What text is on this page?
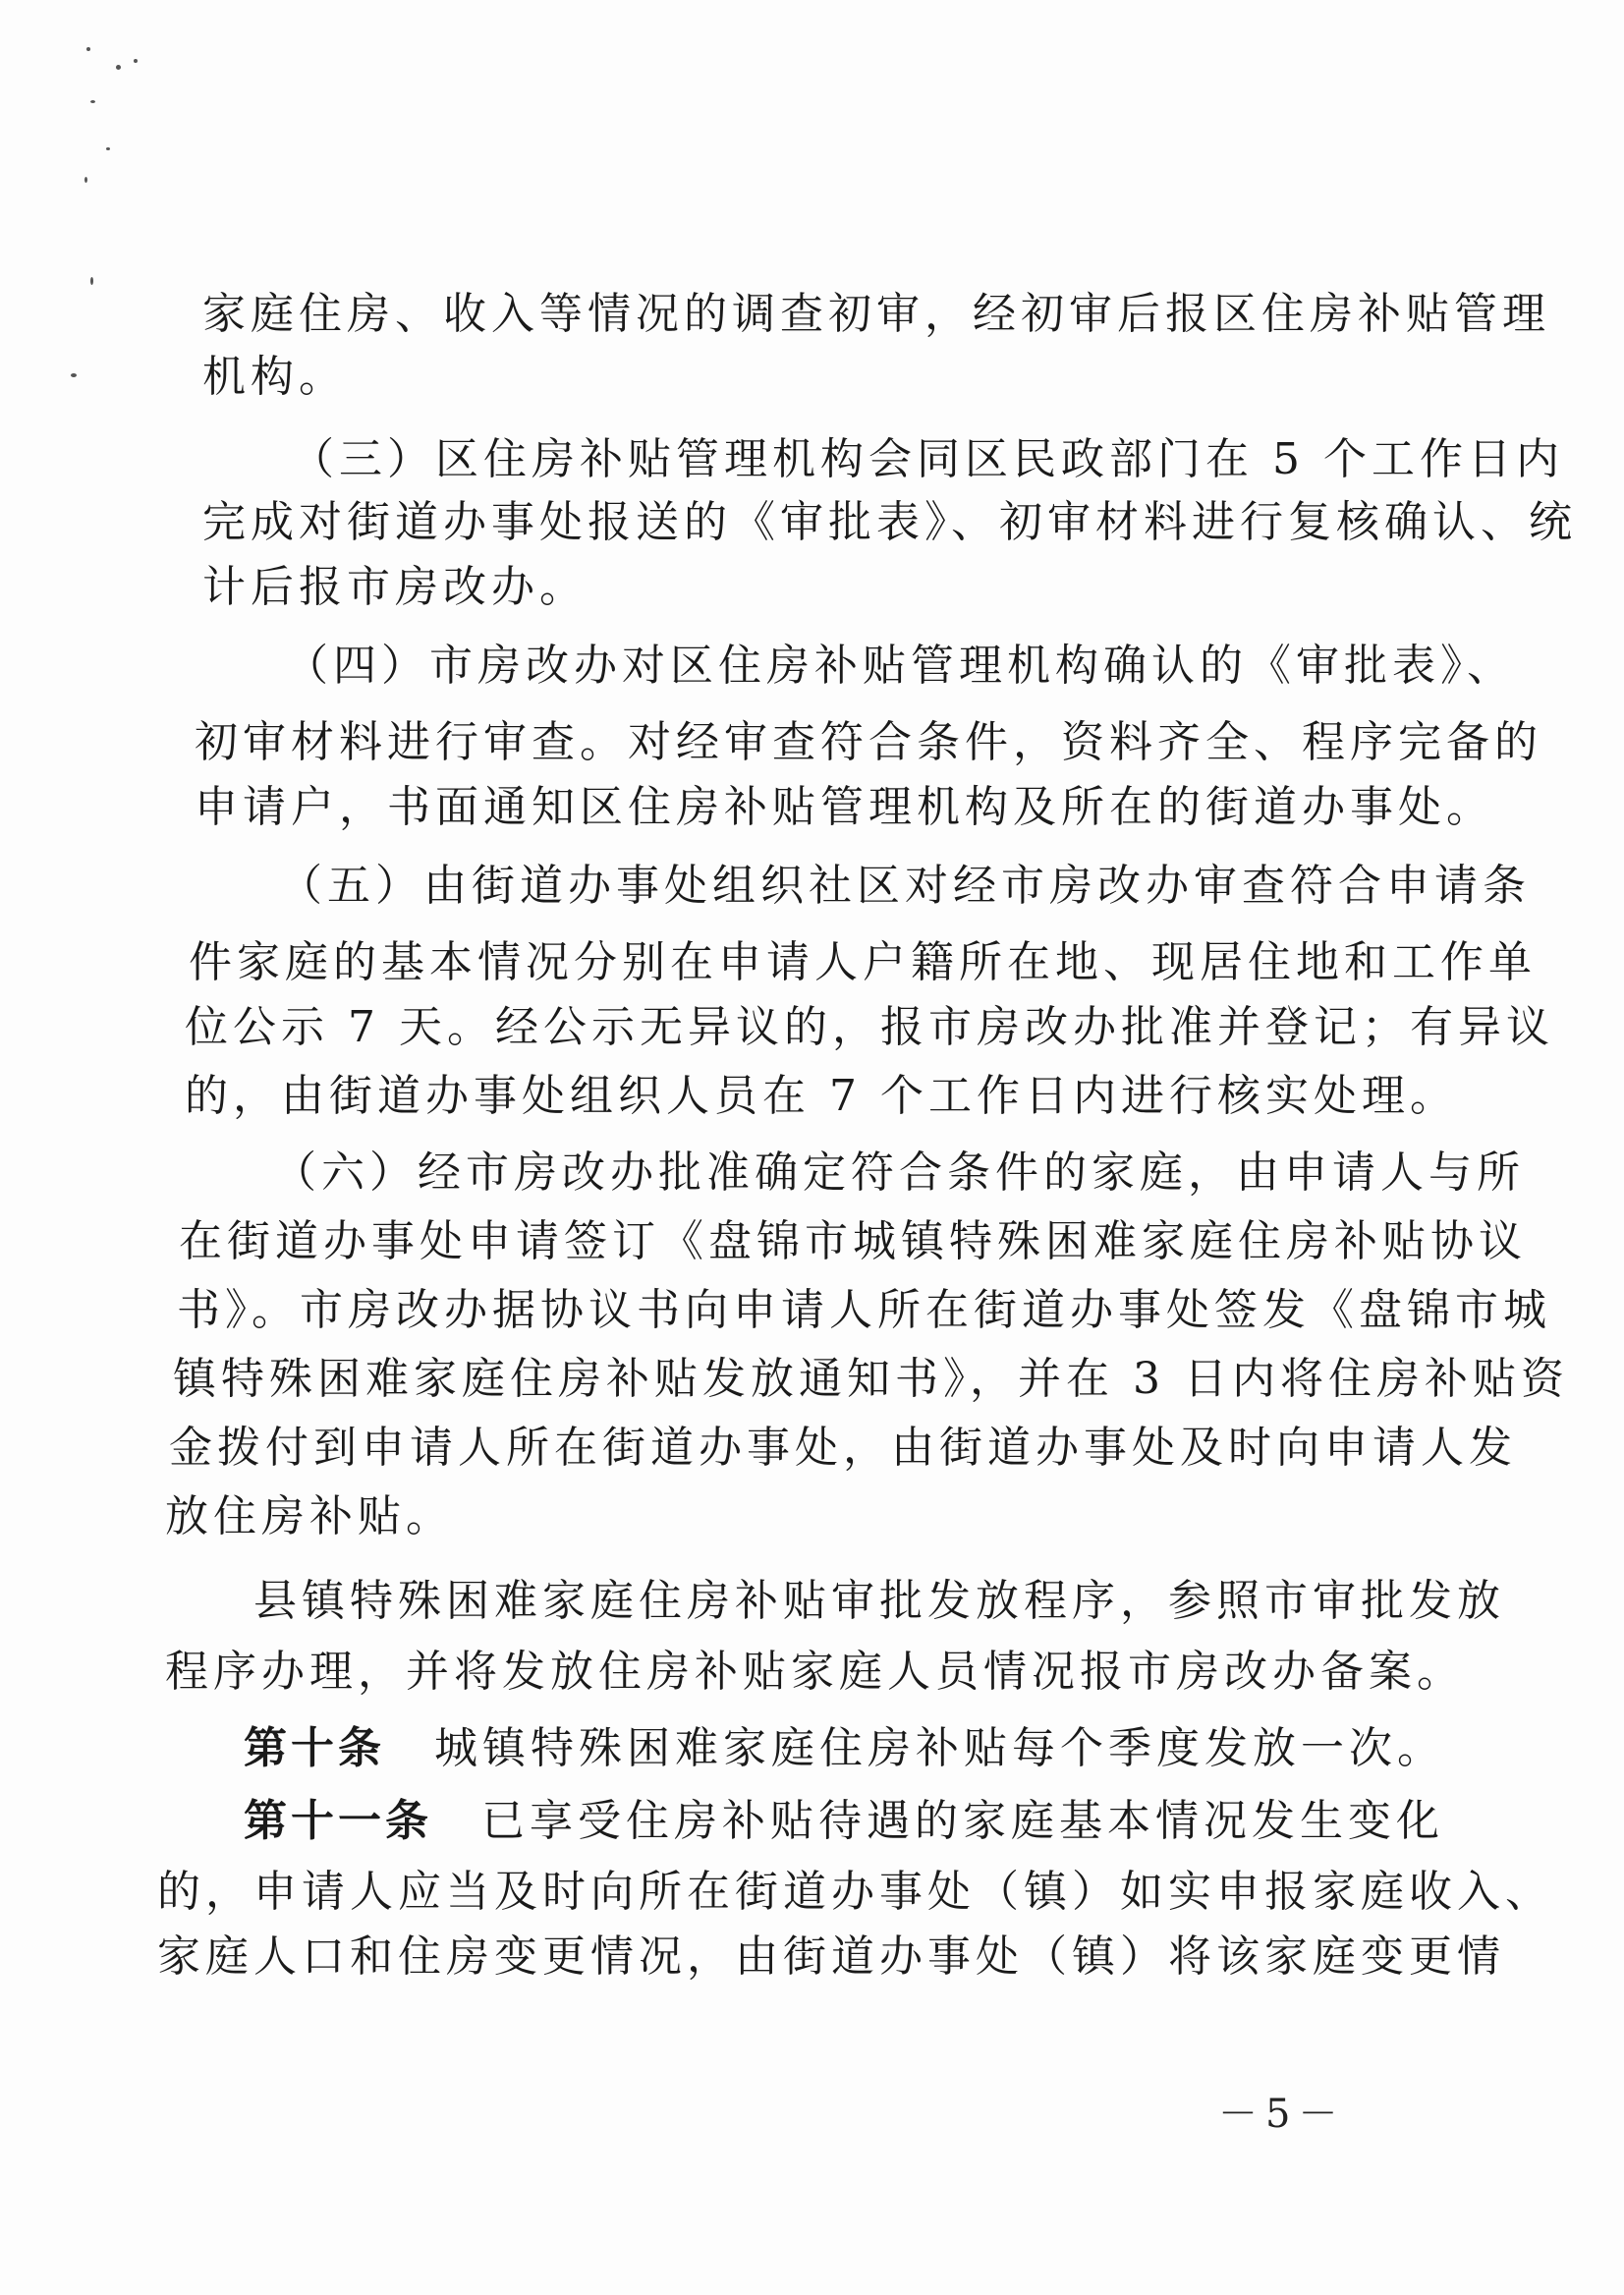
家庭住房、收入等情况的调查初审，经初审后报区住房补贴管理
机构。
（三）区住房补贴管理机构会同区民政部门在 5 个工作日内
完成对街道办事处报送的《审批表》、初审材料进行复核确认、统
计后报市房改办。
（四）市房改办对区住房补贴管理机构确认的《审批表》、
初审材料进行审查。对经审查符合条件，资料齐全、程序完备的
申请户，书面通知区住房补贴管理机构及所在的街道办事处。
（五）由街道办事处组织社区对经市房改办审查符合申请条
件家庭的基本情况分别在申请人户籍所在地、现居住地和工作单
位公示 7 天。经公示无异议的，报市房改办批准并登记；有异议
的，由街道办事处组织人员在 7 个工作日内进行核实处理。
（六）经市房改办批准确定符合条件的家庭，由申请人与所
在街道办事处申请签订《盘锦市城镇特殊困难家庭住房补贴协议
书》。市房改办据协议书向申请人所在街道办事处签发《盘锦市城
镇特殊困难家庭住房补贴发放通知书》，并在 3 日内将住房补贴资
金拨付到申请人所在街道办事处，由街道办事处及时向申请人发
放住房补贴。
县镇特殊困难家庭住房补贴审批发放程序，参照市审批发放
程序办理，并将发放住房补贴家庭人员情况报市房改办备案。
第十条 城镇特殊困难家庭住房补贴每个季度发放一次。
第十一条 已享受住房补贴待遇的家庭基本情况发生变化
的，申请人应当及时向所在街道办事处（镇）如实申报家庭收入、
家庭人口和住房变更情况，由街道办事处（镇）将该家庭变更情
－5－
